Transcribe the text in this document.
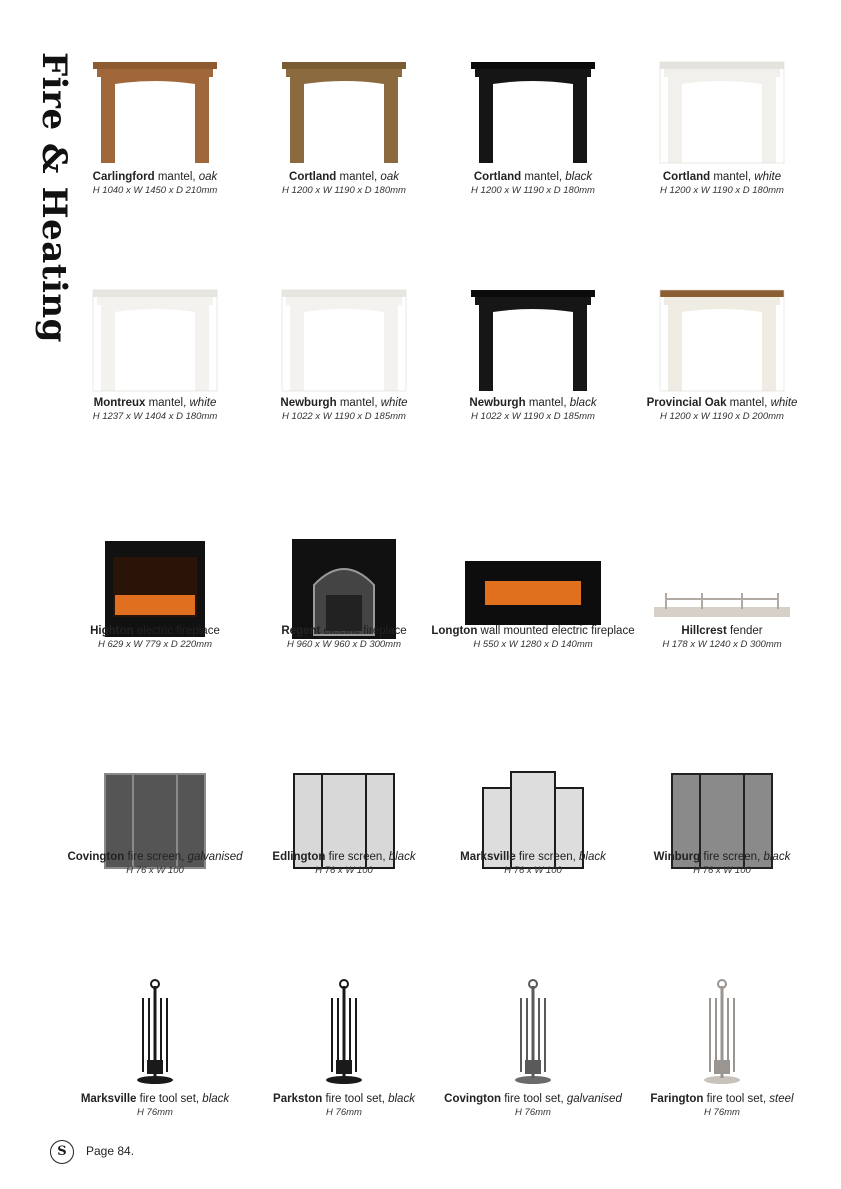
Fire & Heating	Carlingford mantel, oak
H 1040 x W 1450 x D 210mm
Cortland mantel, oak
H 1200 x W 1190 x D 180mm
Cortland mantel, black
H 1200 x W 1190 x D 180mm
Cortland mantel, white
H 1200 x W 1190 x D 180mm
Montreux mantel, white
H 1237 x W 1404 x D 180mm
Newburgh mantel, white
H 1022 x W 1190 x D 185mm
Newburgh mantel, black
H 1022 x W 1190 x D 185mm
Provincial Oak mantel, white
H 1200 x W 1190 x D 200mm
Highton electric fireplace
H 629 x W 779 x D 220mm
Regent electric fireplace
H 960 x W 960 x D 300mm
Longton wall mounted electric fireplace
H 550 x W 1280 x D 140mm
Hillcrest fender
H 178 x W 1240 x D 300mm
Covington fire screen, galvanised
H 76 x W 100
Edlington fire screen, black
H 76 x W 100
Marksville fire screen, black
H 76 x W 100
Winburg fire screen, black
H 76 x W 100
Marksville fire tool set, black
H 76mm
Parkston fire tool set, black
H 76mm
Covington fire tool set, galvanised
H 76mm
Farington fire tool set, steel
H 76mm
S	Page 84.
